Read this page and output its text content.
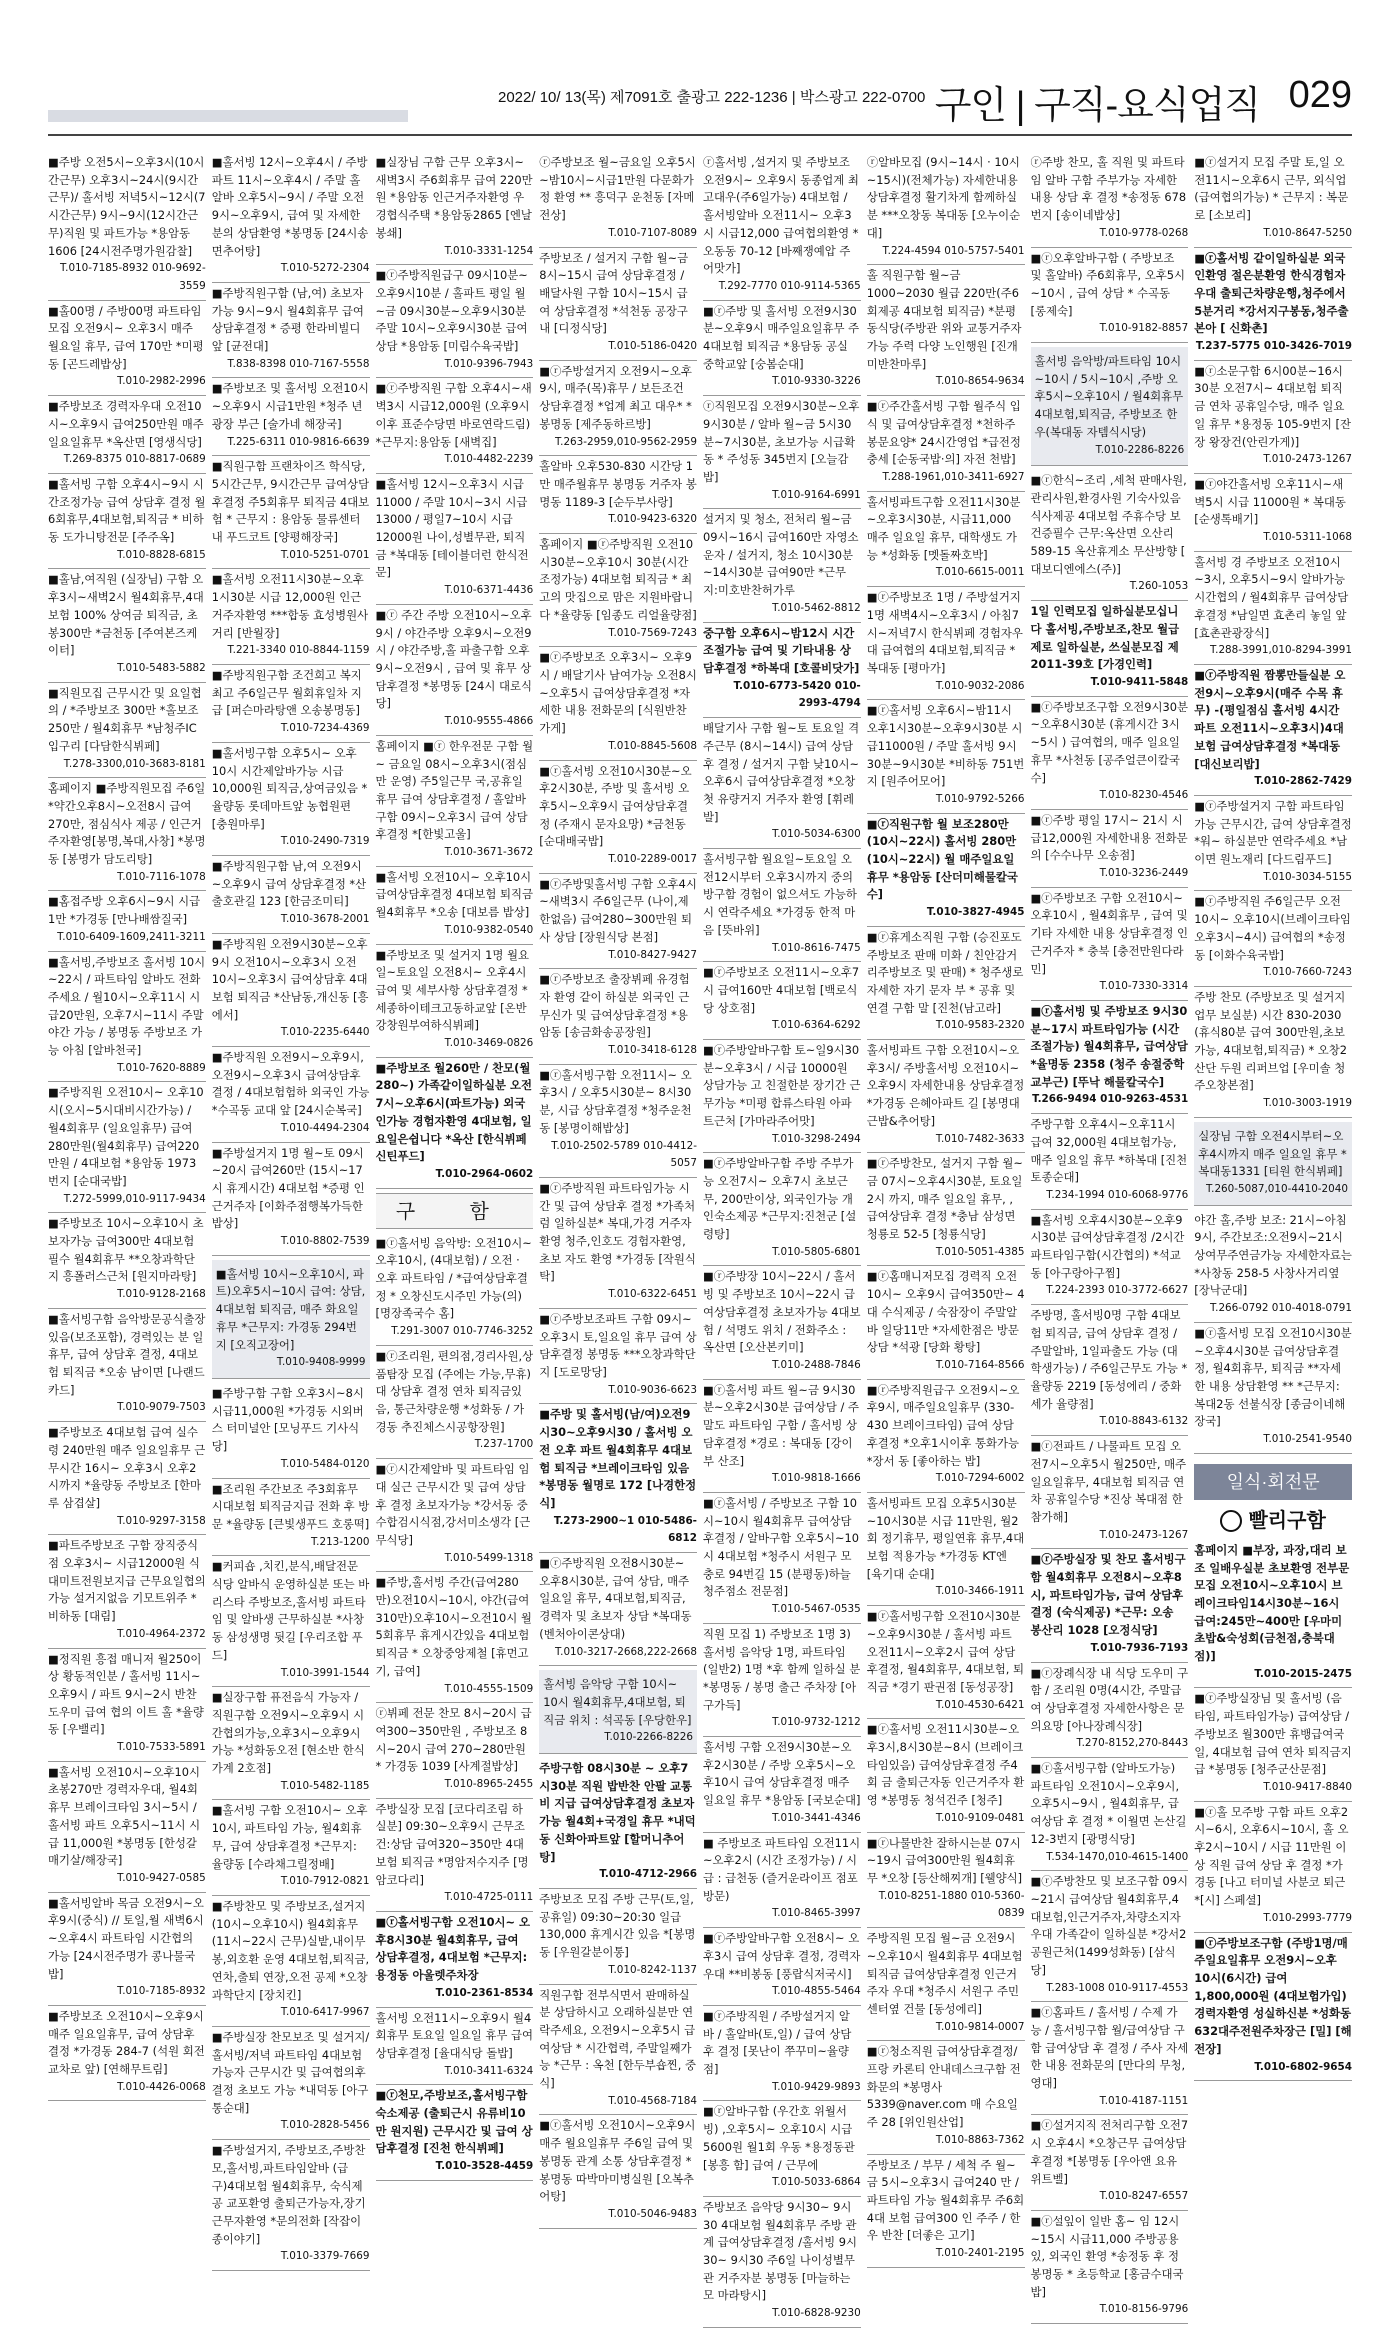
2022/ 10/ 13(목) 제7091호 출광고 222-1236 | 박스광고 222-0700 구인 | 구직-요식업직 029
■주방 오전5시~오후3시(10시간근무) 오후3시~24시(9시간근무)/ 홀서빙 저녁5시~12시(7시간근무) 9시~9시(12시간근무)직원 및 파트가능 *용암동1606 [24시전주명가원감찰]
T.010-7185-8932 010-9692-3559
■홀00명 / 주방00명 파트타임 모집 오전9시~ 오후3시 매주 월요일 휴무, 급여 170만 *미평동 [곤드레밥상]
T.010-2982-2996
■주방보조 경력자우대 오전10시~오후9시 급여250만원 매주일요일휴무 *옥산면 [영생식당]
T.269-8375 010-8817-0689
■홀서빙 구함 오후4시~9시 시간조정가능 급여 상담후 결정 월6회휴무,4대보험,퇴직금 * 비하동 도가니탕전문 [주주옥]
T.010-8828-6815
■홀남,여직원 (실장님) 구함 오후3시~새벽2시 월4회휴무,4대보험 100% 상여금 퇴직금, 초봉300만 *금천동 [주여본즈케이터]
T.010-5483-5882
■직원모집 근무시간 및 요일협의 / *주방보조 300만 *홀보조 250만 / 월4회휴무 *남청주IC입구리 [다담한식뷔페]
T.278-3300,010-3683-8181
홈페이지 ■주방직원모집 주6일 *약간오후8시~오전8시 급여270만, 점심식사 제공 / 인근거주자환영[봉명,복대,사창] *봉명동 [봉명가 담도리탕]
T.010-7116-1078
■홈접주방 오후6시~9시 시급1만 *가경동 [만나배쌈질국]
T.010-6409-1609,2411-3211
■홀서빙,주방보조 홀서빙 10시~22시 / 파트타임 알바도 전화주세요 / 월10시~오후11시 시급20만원, 오후7시~11시 주말야간 가능 / 봉명동 주방보조 가능 아침 [알바천국]
T.010-7620-8889
■주방직원 오전10시~ 오후10시(오시~5시대비시간가능) / 월4회휴무 (일요일휴무) 급여280만원(월4회휴무) 급여220만원 / 4대보험 *용암동 1973번지 [순대국밥]
T.272-5999,010-9117-9434
■주방보조 10시~오후10시 초보자가능 급여300만 4대보험 필수 월4회휴무 **오창과학단지 흥폴러스근처 [원지마라탕]
T.010-9128-2168
■홀서빙구함 음악방문공식출장있음(보조포함), 경력있는 분 일 휴무, 급여 상담후 결정, 4대보험 퇴직금 *오송 남이면 [나랜드 카드]
T.010-9079-7503
■주방보조 4대보험 급여 실수령 240만원 매주 일요일휴무 근무시간 16시~ 오후3시 오후2시까지 *율량동 주방보조 [한마루 삼겹살]
T.010-9297-3158
■파트주방보조 구함 장직중식점 오후3시~ 시급12000원 식대미트전원보지급 근무요일협의가능 설거지없음 기모트위주 *비하동 [대림]
T.010-4964-2372
■정직원 흥접 매니저 월250이상 황동적인분 / 홀서빙 11시~오후9시 / 파트 9시~2시 반찬 도우미 급여 협의 이트 홀 *율량동 [우밸리]
T.010-7533-5891
■홀서빙 오전10시~오후10시 초봉270만 경력자우대, 월4회휴무 브레이크타임 3시~5시 /홀서빙 파트 오후5시~11시 시급 11,000원 *봉명동 [한성갈매기살/해장국]
T.010-9427-0585
■홀서빙알바 목금 오전9시~오후9시(중식) // 토일,월 새벽6시~오후4시 파트타임 시간협의 가능 [24시전주명가 콩나물국밥]
T.010-7185-8932
■주방보조 오전10시~오후9시 매주 일요일휴무, 급여 상담후 결정 *가경동 284-7 (석원 회전 교차로 앞) [연해무트림]
T.010-4426-0068
■홀서빙 12시~오후4시 / 주방파트 11시~오후4시 / 주말 홀알바 오후5시~9시 / 주말 오전9시~오후9시, 급여 및 자세한분의 상담환영 *봉명동 [24시송면추어탕]
T.010-5272-2304
■주방직원구함 (남,여) 초보자가능 9시~9시 월4회휴무 급여 상담후결정 * 증평 한라비빌디앞 [균전대]
T.838-8398 010-7167-5558
■주방보조 및 홀서빙 오전10시~오후9시 시급1만원 *청주 년광장 부근 [술가네 해장국]
T.225-6311 010-9816-6639
■직원구함 프랜차이즈 학식당, 5시간근무, 9시간근무 급여상담후결정 주5회휴무 퇴직금 4대보험 * 근무지 : 용암동 물류센터 내 푸드코트 [양평해장국]
T.010-5251-0701
■홀서빙 오전11시30분~오후1시30분 시급 12,000원 인근거주자환영 ***합동 효성병원사거리 [반월장]
T.221-3340 010-8844-1159
■주방직원구함 조건희고 복지최고 주6일근무 월회휴일차 지급 [퍼슨마라탕앤 오송봉명동]
T.010-7234-4369
■홀서빙구함 오후5시~ 오후10시 시간제알바가능 시급10,000원 퇴직금,상여금있음 *율량동 롯데마트앞 농협원편 [충원마루]
T.010-2490-7319
■주방직원구함 남,여 오전9시~오후9시 급여 상담후결정 *산출호관길 123 [한금조미티]
T.010-3678-2001
■주방직원 오전9시30분~오후9시 오전10시~오후3시 오전10시~오후3시 급여상담후 4대보험 퇴직금 *산남동,개신동 [흥에서]
T.010-2235-6440
■주방직원 오전9시~오후9시, 오전9시~오후3시 급여상담후결정 / 4대보험험하 외국인 가능 *수곡동 교대 앞 [24시순복국]
T.010-4494-2304
■주방설거지 1명 월~토 09시~20시 급여260만 (15시~17시 휴게시간) 4대보험 *증평 인근거주자 [이화주점행복가득한 밥상]
T.010-8802-7539
■홀서빙 10시~오후10시, 파트)오후5시~10시 급여: 상담, 4대보험 퇴직금, 매주 화요일 휴무 *근무지: 가경동 294번지 [오직고장어]
T.010-9408-9999
■주방구함 구함 오후3시~8시 시급11,000원 *가경동 시외버스 터미널안 [모닝푸드 기사식당]
T.010-5484-0120
■조리원 주간보조 주3회휴무 시대보험 퇴직금지급 전화 후 방문 *율량동 [큰빛생푸드 호롱떡]
T.213-1200
■커피숍 ,치킨,분식,배달전문 식당 알바식 운영하실분 또는 바리스타 주방보조,홀서빙 파트타임 및 알바생 근무하실분 *사창동 삼성생명 뒷길 [우리조합 푸드]
T.010-3991-1544
■실장구함 퓨전음식 가능자 / 직원구함 오전9시~오후9시 시간협의가능,오후3시~오후9시 가능 *성화동오전 [현소반 한식가계 2호점]
T.010-5482-1185
■홀서빙 구함 오전10시~ 오후10시, 파트타임 가능, 월4회휴무, 급여 상담후결정 *근무지: 율량동 [수라채그릴정배]
T.010-7912-0821
■주방찬모 및 주방보조,설거지 (10시~오후10시) 월4회휴무 (11시~22시 근무)실밭,내이무봉,외호환 운영 4대보험,퇴직금,연차,출퇴 연장,오전 공제 *오창 과학단지 [장치킨]
T.010-6417-9967
■주방실장 찬모보조 및 설거지/홀서빙/저녁 파트타임 4대보험가능자 근무시간 및 급여협의후결정 초보도 가능 *내덕동 [아구통순대]
T.010-2828-5456
■주방설거지, 주방보조,주방찬모,홀서빙,파트타임알바 (급구)4대보험 월4회휴무, 숙식제공 교포환영 출퇴근가능자,장기근무자환영 *문의전화 [작잡이 종이야기]
T.010-3379-7669
■실장님 구함 근무 오후3시~새벽3시 주6회휴무 급여 220만원 *용암동 인근거주자환영 우경협식주택 *용암동2865 [엔날봉쇄]
T.010-3331-1254
■ⓡ주방직원급구 09시10분~오후9시10분 / 홀파트 평일 월~금 09시30분~오후9시30분 주말 10시~오후9시30분 급여상담 *용암동 [미림수육국밥]
T.010-9396-7943
■ⓡ주방직원 구함 오후4시~새벽3시 시급12,000원 (오후9시 이후 표준수당면 바로연락드림) *근무지:용암동 [새벽집]
T.010-4482-2239
■홀서빙 12시~오후3시 시급 11000 / 주말 10시~3시 시급 13000 / 평일7~10시 시급 12000원 나이,성별무관, 퇴직금 *복대동 [테이블더런 한식전문]
T.010-6371-4436
■ⓡ 주간 주방 오전10시~오후9시 / 야간주방 오후9시~오전9시 / 야간주방,홀 파출구함 오후9시~오전9시 , 급여 및 휴무 상담후결정 *봉명동 [24시 대로식당]
T.010-9555-4866
홈페이지 ■ⓡ 한우전문 구함 월~ 금요일 08시~오후3시(점심만 운영) 주5일근무 국,공휴일휴무 급여 상담후결정 / 홀알바 구함 09시~오후3시 급여 상담후결정 *[한빛고울]
T.010-3671-3672
■홀서빙 오전10시~ 오후10시 급여상담후결정 4대보험 퇴직금 월4회휴무 *오송 [대보름 밥상]
T.010-9382-0540
■주방보조 및 설거지 1명 월요일~토요일 오전8시~ 오후4시 급여 및 세부사항 상담후결정 * 세종하이테크고동하교앞 [온반 강창원부여하식뷔페]
T.010-3469-0826
■주방보조 월260만 / 찬모(월280~) 가족같이일하실분 오전7시~오후6시(파트가능) 외국인가능 경험자환영 4대보험, 일요일은쉽니다 *옥산 [한식뷔페신틴푸드]
T.010-2964-0602
구 함
■ⓡ홀서빙 음악방: 오전10시~오후10시, (4대보험) / 오전 · 오후 파트타임 / *급여상담후결정 * 오창신도시주민 가능(의) [명장족국수 홈]
T.291-3007 010-7746-3252
■ⓡ조리원, 편의점,경리사원,상품탐장 모집 (주에는 가능,무휴) 대 상담후 결정 연차 퇴직금있음, 통근차량운행 *성화동 / 가경동 추진체스시공항장원]
T.237-1700
■ⓡ시간제알바 및 파트타임 임대 실근 근무시간 및 급여 상담후 결정 초보자가능 *강서동 중수합검시식점,강서미소생각 [근무식당]
T.010-5499-1318
■주방,홀서빙 주간(급여280만)오전10시~10시, 야간(급여310만)오후10시~오전10시 월5회휴무 휴게시간있음 4대보험 퇴직금 * 오창중앙제철 [휴먼고기, 급여]
T.010-4555-1509
ⓡ뷔페 전문 찬모 8시~20시 급여300~350만원 , 주방보조 8시~20시 급여 270~280만원 * 가경동 1039 [사계절밥상]
T.010-8965-2455
주방실장 모집 [코다리조림 하실분] 09:30~오후9시 근무조건:상담 급여320~350만 4대보험 퇴직금 *명암저수지주 [명암코다리]
T.010-4725-0111
■ⓡ홀서빙구함 오전10시~ 오후8시30분 월4회휴무, 급여 상담후결정, 4대보험 *근무지:용정동 아울렛주차장
T.010-2361-8534
홀서빙 오전11시~오후9시 월4회휴무 토요일 일요일 휴무 급여 상담후결정 [율대식당 돌밥]
T.010-3411-6324
■ⓡ천모,주방보조,홀서빙구함 숙소제공 (출퇴근시 유류비10만 원지원) 근무시간 및 급여 상담후결정 [진천 한식뷔페]
T.010-3528-4459
ⓡ주방보조 월~금요일 오후5시~밤10시~시급1만원 다문화가정 환영 ** 흥덕구 운천동 [자메전상]
T.010-7107-8089
주방보조 / 설거지 구함 월~금 8시~15시 급여 상담후결정 / 배달사원 구함 10시~15시 급여 상담후결정 *석천동 공장구내 [디정식당]
T.010-5186-0420
■ⓡ주방설거지 오전9시~오후9시, 매주(목)휴무 / 보든조건 상담후결정 *업계 최고 대우* *봉명동 [제주동하르방]
T.263-2959,010-9562-2959
홀알바 오후530-830 시간당 1만 매주월휴무 봉명동 거주자 봉명동 1189-3 [순두부사랑]
T.010-9423-6320
홈페이지 ■ⓡ주방직원 오전10시30분~오후10시 30분(시간조정가능) 4대보험 퇴직금 * 최고의 맛집으로 맘은 지원바랍니다 *율량동 [임종도 리얼율량점]
T.010-7569-7243
■ⓡ주방보조 오후3시~ 오후9시 / 배달기사 남여가능 오전8시~오후5시 급여상담후결정 *자세한 내용 전화문의 [식원반찬가게]
T.010-8845-5608
■ⓡ홀서빙 오전10시30분~오후2시30분, 주방 및 홀서빙 오후5시~오후9시 급여상담후결정 (주재시 문자요망) *금천동 [순대배국밥]
T.010-2289-0017
■ⓡ주방및홀서빙 구함 오후4시~새벽3시 주6일근무 (나이,제한없음) 급여280~300만원 퇴사 상담 [장원식당 본점]
T.010-8427-9427
■ⓡ주방보조 출장뷔페 유경험자 환영 같이 하실분 외국인 근무신가 및 급여상담후결정 *용암동 [송금화송공장원]
T.010-3418-6128
■ⓡ홀서빙구함 오전11시~ 오후3시 / 오후5시30분~ 8시30분, 시급 상담후결정 *청주운천동 [봉명이해밥상]
T.010-2502-5789 010-4412-5057
■ⓡ주방직원 파트타임가능 시간 및 급여 상담후 결정 *가족처럼 일하실분* 복대,가경 거주자환영 청주,인호도 경험자환영, 초보 자도 환영 *가경동 [작원식탁]
T.010-6322-6451
■ⓡ주방보조파트 구함 09시~ 오후3시 토,일요일 휴무 급여 상담후결정 봉명동 ***오창과학단지 [도로망당]
T.010-9036-6623
■주방 및 홀서빙(남/여)오전9시30~오후9시30 / 홀서빙 오전 오후 파트 월4회휴무 4대보험 퇴직금 *브레이크타임 있음 *봉명동 월명로 172 [나경한정식]
T.273-2900~1 010-5486-6812
■ⓡ주방직원 오전8시30분~ 오후8시30분, 급여 상담, 매주 일요일 휴무, 4대보험,퇴직금, 경력자 및 초보자 상담 *복대동 (벤처아이콘상대)
T.010-3217-2668,222-2668
홀서빙 음악당 구함 10시~ 10시 월4회휴무,4대보험, 퇴직금 위치 : 석곡동 [우당한우]
T.010-2266-8226
주방구함 08시30분 ~ 오후7시30분 직원 밥반찬 안팔 교통비 지급 급여상담후결정 초보자가능 월4회+국경일 휴무 *내덕동 신화아파트앞 [할머니추어탕]
T.010-4712-2966
주방보조 모집 주방 근무(토,일,공휴일) 09:30~20:30 일급130,000 휴게시간 있음 *[봉명동 [우원갈분이통]
T.010-8242-1137
직원구함 전부식면서 판매하실 분 상담하시고 오래하실분만 연락주세요, 오전9시~오후5시 급여상담 * 시간협력, 주말일째가능 *근무 : 옥천 [한두부숍찐, 중식]
T.010-4568-7184
■ⓡ홀서빙 오전10시~오후9시 매주 월요일휴무 주6일 급여 및 봉명동 관계 소통 상담후결정 *봉명동 따박마미병실원 [오복추어탕]
T.010-5046-9483
ⓡ홀서빙 ,설거지 및 주방보조 오전9시~ 오후9시 동종업계 최고대우(주6일가능) 4대보험 / 홀서빙알바 오전11시~ 오후3시 시급12,000 급여협의환영 *오동동 70-12 [바째쟁예압 주어맛가]
T.292-7770 010-9114-5365
■ⓡ주방 및 홀서빙 오전9시30분~오후9시 매주일요일휴무 주4대보험 퇴직금 *용담동 공실 중학교앞 [숭봄순대]
T.010-9330-3226
ⓡ직원모집 오전9시30분~오후9시30분 / 알바 월~금 5시30분~7시30분, 초보가능 시급확동 * 주성동 345번지 [오늘감밥]
T.010-9164-6991
설거지 및 청소, 전처리 월~금 09시~16시 급여160만 자영소운자 / 설거지, 청소 10시30분~14시30분 급여90만 *근무지:미호반찬허가루
T.010-5462-8812
중구함 오후6시~밤12시 시간조절가능 급여 및 기타내용 상담후결정 *하복대 [호콜비닷가]
T.010-6773-5420 010-2993-4794
배달기사 구함 월~토 토요일 격주근무 (8시~14시) 급여 상담후 결정 / 설거지 구함 낮10시~오후6시 급여상담후결정 *오창 첫 유량거지 거주자 환영 [휘레발]
T.010-5034-6300
홀서빙구함 월요일~토요일 오전12시부터 오후3시까지 중의 방구함 경험이 없으셔도 가능하시 연락주세요 *가경동 한적 마음 [뜻바위]
T.010-8616-7475
■ⓡ주방보조 오전11시~오후7시 급여160만 4대보험 [백로식당 상호점]
T.010-6364-6292
■ⓡ주방알바구함 토~일9시30분~오후3시 / 시급 10000원 상담가능 고 친절한분 장기간 근무가능 *미평 합류스타원 아파트근처 [가마라주어맛]
T.010-3298-2494
■ⓡ주방알바구함 주방 주부가능 오전7시~ 오후7시 초보근무, 200만이상, 외국인가능 개인숙소제공 *근무지:진천군 [설령탕]
T.010-5805-6801
■ⓡ주방장 10시~22시 / 홀서빙 및 주방보조 10시~22시 급여상담후결정 초보자가능 4대보험 / 석명도 위치 / 전화주소 : 옥산면 [오산본키미]
T.010-2488-7846
■ⓡ홀서빙 파트 월~금 9시30분~오후2시30분 급여상담 / 주말도 파트타임 구함 / 홀서빙 상담후결정 *경로 : 복대동 [강이부 산조]
T.010-9818-1666
■ⓡ홀서빙 / 주방보조 구함 10시~10시 월4회휴무 급여상담후결정 / 알바구함 오후5시~10시 4대보험 *청주시 서원구 모충로 94번길 15 (분평동)하늘청주점소 전문점]
T.010-5467-0535
직원 모집 1) 주방보조 1명 3) 홀서빙 음악당 1명, 파트타임(일반2) 1명 *후 함께 일하실 분 *봉명동 / 봉명 출근 주차장 [아구가득]
T.010-9732-1212
홀서빙 구함 오전9시30분~오후2시30분 / 주방 오후5시~오후10시 급여 상담후결정 매주 일요일 휴무 *용암동 [국보순대]
T.010-3441-4346
■ 주방보조 파트타임 오전11시~오후2시 (시간 조정가능) / 시급 : 급천동 (즐거운라이프 점포 방문)
T.010-8465-3997
■ⓡ주방알바구함 오전8시~ 오후3시 급여 상담후 결정, 경력자우대 **비봉동 [풍랍식저국시]
T.010-4855-5464
■ⓡ주방직원 / 주방설거지 알바 / 홀알바(토,일) / 급여 상담 후 결정 [못난이 쭈꾸미~율량점]
T.010-9429-9893
■ⓡ알바구함 (우간호 위월서빙) ,오후5시~ 오후10시 시급5600원 월1회 우동 *용정동관 [봉흥 함] 급여 / 근무에
T.010-5033-6864
주방보조 음악당 9시30~ 9시30 4대보험 월4회휴무 주방 관계 급여상담후결정 /홀서빙 9시30~ 9시30 주6일 나이성별무관 거주자분 봉명동 [마늘하는모 마라탕시]
T.010-6828-9230
ⓡ알바모집 (9시~14시 · 10시~15시)(전체가능) 자세한내용 상담후결정 활기차게 함께하실분 ***오창동 복대동 [오누이순대]
T.224-4594 010-5757-5401
홀 직원구함 월~금 1000~2030 월급 220만(주6회제공 4대보험 퇴직금) *분평동식당(주방관 위와 교통거주자 가능 주력 다양 노인행원 [진개미반찬마루]
T.010-8654-9634
■ⓡ주간홀서빙 구함 월주식 입식 및 급여상담후결정 *천하주 봉문요양* 24시간영업 *급전정충세 [순동국밥·의] 자전 천밥]
T.288-1961,010-3411-6927
홀서빙파트구함 오전11시30분~오후3시30분, 시급11,000 매주 일요일 휴무, 대학생도 가능 *성화동 [멧돌짜호박]
T.010-6615-0011
■ⓡ주방보조 1명 / 주방설거지 1명 새벽4시~오후3시 / 아침7시~저녁7시 한식뷔페 경험자우대 급여협의 4대보험,퇴직금 *복대동 [평마가]
T.010-9032-2086
■ⓡ홀서빙 오후6시~밤11시 오후1시30분~오후9시30분 시급11000원 / 주말 홀서빙 9시30분~9시30분 *비하동 751번지 [원주어모어]
T.010-9792-5266
■ⓡ직원구함 월 보조280만(10시~22시) 홀서빙 280만 (10시~22시) 월 매주일요일 휴무 *용암동 [산더미해물칼국수]
T.010-3827-4945
■ⓡ휴게소직원 구함 (승진포도주방보조 판매 미화 / 친안감거리주방보조 및 판매) * 청주생로 자세한 자기 문자 부 * 공휴 및 연결 구함 말 [진천(남고라]
T.010-9583-2320
홀서빙파트 구함 오전10시~오후3시/ 주방홀서빙 오전10시~오후9시 자세한내용 상담후결정 *가경동 은혜아파트 길 [봉명대근밥&추어탕]
T.010-7482-3633
■ⓡ주방찬모, 설거지 구함 월~금 07시~오후4시30분, 토요일 2시 까지, 매주 일요일 휴무, , 급여상담후 결정 *충남 삼성면 청룡로 52-5 [청룡식당]
T.010-5051-4385
■ⓡ홈매니저모집 경력직 오전10시~ 오후9시 급여350만~ 4대 수식제공 / 숙잠장이 주말알바 일당11만 *자세한점은 방문상담 *석광 [당화 황탕]
T.010-7164-8566
■ⓡ주방직원급구 오전9시~오후9시, 매주일요일휴무 (330-430 브레이크타임) 급여 상담후결정 *오후1시이후 통화가능 *장서 동 [좋아하는 밥]
T.010-7294-6002
홀서빙파트 모집 오후5시30분~10시30분 시급 11만원, 월2회 정기휴무, 평일연휴 휴무,4대보험 적용가능 *가경동 KT엔 [육기대 순대]
T.010-3466-1911
■ⓡ홀서빙구함 오전10시30분~오후9시30분 / 홀서빙 파트 오전11시~오후2시 급여 상담후결정, 월4회휴무, 4대보험, 퇴직금 *경기 판권점 [동성공장]
T.010-4530-6421
■ⓡ홀서빙 오전11시30분~오후3시,8시30분~8시 (브레이크타임있음) 급여상담후결정 주4회 금 출퇴근자동 인근거주자 환영 *봉명동 청석건주 [청주]
T.010-9109-0481
■ⓡ나물반찬 잘하시는분 07시~19시 급여300만원 월4회휴무 *오창 [등산해찌개] [웰양식]
T.010-8251-1880 010-5360-0839
주방직원 모집 월~금 오전9시~오후10시 월4회휴무 4대보험 퇴직금 급여상담후결정 인근거주자 우대 *청주시 서원구 주민센터옆 건물 [동성에리]
T.010-9814-0007
■ⓡ청소직원 급여상담후결정/프랑 카론티 안내데스크구함 전화문의 *봉명사5339@naver.com 매 수요일주 28 [위인원산업]
T.010-8863-7362
주방보조 / 부무 / 세척 주 월~금 5시~오후3시 급여240 만 / 파트타임 가능 월4회휴무 주6회 4대 보험 급여300 인 주주 / 한우 반찬 [더좋은 고기]
T.010-2401-2195
ⓡ주방 찬모, 홀 직원 및 파트타임 알바 구함 주부가능 자세한 내용 상담 후 결정 *송정동 678번지 [송이네밥상]
T.010-9778-0268
■ⓡ오후알바구함 ( 주방보조 및 홀알바) 주6회휴무, 오후5시~10시 , 급여 상담 * 수곡동 [롱제숙]
T.010-9182-8857
홀서빙 음악방/파트타임 10시~10시 / 5시~10시 ,주방 오후5시~오후10시 / 월4회휴무 4대보험,퇴직금, 주방보조 한우(복대동 자템식시당)
T.010-2286-8226
■ⓡ한식~조리 ,세척 판매사원,관리사원,환경사원 기숙사있음 식사제공 4대보험 주휴수당 보건증필수 근무:옥산면 오산리 589-15 옥산휴게소 무산방향 [ 대보디엔에스(주)]
T.260-1053
1일 인력모집 일하실분모십니다 홀서빙,주방보조,찬모 월급제로 일하실분, 쓰실분모집 제2011-39호 [가경인력]
T.010-9411-5848
■ⓡ주방보조구함 오전9시30분~오후8시30분 (휴게시간 3시~5시 ) 급여협의, 매주 일요일 휴무 *사천동 [공주얼큰이칼국수]
T.010-8230-4546
■ⓡ주방 평일 17시~ 21시 시급12,000원 자세한내용 전화문의 [수수나무 오송점]
T.010-3236-2449
■ⓡ주방보조 구함 오전10시~오후10시 , 월4회휴무 , 급여 및 기타 자세한 내용 상담후결정 인근거주자 * 충북 [충전만원다라민]
T.010-7330-3314
■ⓡ홀서빙 및 주방보조 9시30분~17시 파트타임가능 (시간조절가능) 월4회휴무, 급여상담 *율명동 2358 (청주 송절중학교부근) [뚜낙 해물칼국수]
T.266-9494 010-9263-4531
주방구함 오후4시~오후11시 급여 32,000원 4대보험가능, 매주 일요일 휴무 *하복대 [진천토종순대]
T.234-1994 010-6068-9776
■홀서빙 오후4시30분~오후9시30분 급여상담후결정 /2시간 파트타임구함(시간협의) *석교동 [아구랑아구찜]
T.224-2393 010-3772-6627
주방명, 홀서빙0명 구함 4대보험 퇴직금, 급여 상담후 결정 / 주말알바, 1일파출도 가능 (대학생가능) / 주6일근무도 가능 *율량동 2219 [동성에리 / 중화세가 율량점]
T.010-8843-6132
■ⓡ전파트 / 나물파트 모집 오전7시~오후5시 월250만, 매주 일요일휴무, 4대보험 퇴직금 연차 공휴일수당 *진상 복대점 한참가해]
T.010-2473-1267
■ⓡ주방실장 및 찬모 홀서빙구함 월4회휴무 오전8시~오후8시, 파트타임가능, 급여 상담후결정 (숙식제공) *근무: 오송 봉산리 1028 [오정식당]
T.010-7936-7193
■ⓡ장례식장 내 식당 도우미 구함 / 조리원 0명(4시간, 주말급여 상담후결정 자세한사항은 문의요망 [아나장례식장]
T.270-8152,270-8443
■ⓡ홀서빙구함 (알바도가능) 파트타임 오전10시~오후9시, 오후5시~9시 , 월4회휴무, 급여상담 후 결정 * 이월면 논산길 12-3번지 [광명식당]
T.534-1470,010-4615-1400
■ⓡ주방찬모 및 보조구함 09시~21시 급여상담 월4회휴무,4대보험,인근거주자,차량소지자 우대 가족같이 일하실분 *강서2 공원근처(1499성화동) [삼식당]
T.283-1008 010-9117-4553
■ⓡ홈파트 / 홀서빙 / 수제 가능 / 홀서빙구함 월/급여상담 구함 급여상담 후 결정 / 주사 자세한 내용 전화문의 [만다의 무청, 영대]
T.010-4187-1151
■ⓡ설거지직 전처리구함 오전7시 오후4시 *오창근무 급여상담 후결정 *[봉명동 [우아앤 요유 위트벨]
T.010-8247-6557
■ⓡ설잎이 일반 홈~ 임 12시~15시 시급11,000 주방공용있, 외국인 환영 *송정동 후 정 봉명동 * 초등학교 [홍금수대국밥]
T.010-8156-9796
■ⓡ설거지 모집 주말 토,일 오전11시~오후6시 근무, 외식업(급여협의가능) * 근무지 : 복문로 [소보리]
T.010-8647-5250
■ⓡ홀서빙 같이일하실분 외국인환영 절은분환영 한식경험자우대 출퇴근차량운행,청주에서5분거리 *강서지구봉동,청주출본아 [ 신화촌]
T.237-5775 010-3426-7019
■ⓡ소문구함 6시00분~16시30분 오전7시~ 4대보험 퇴직금 연차 공휴일수당, 매주 일요일 휴무 *용정동 105-9번지 [잔장 왕장건(안린가게)]
T.010-2473-1267
■ⓡ야간홀서빙 오후11시~새벽5시 시급 11000원 * 복대동 [순생톡배기]
T.010-5311-1068
홀서빙 경 주방보조 오전10시~3시, 오후5시~9시 알바가능시간협의 / 월4회휴무 급여상담후결정 *남일면 효촌리 놓일 앞 [효촌관광장식]
T.288-3991,010-8294-3991
■ⓡ주방직원 짬뽕만들실분 오전9시~오후9시(매주 수목 휴무) -(평일점심 홀서빙 4시간 파트 오전11시~오후3시)4대보험 급여상담후결정 *복대동 [대신보리밥]
T.010-2862-7429
■ⓡ주방설거지 구함 파트타임 가능 근무시간, 급여 상담후결정 *워~ 하실분만 연락주세요 *남이면 원노재리 [다드림푸드]
T.010-3034-5155
■ⓡ주방직원 주6일근무 오전10시~ 오후10시(브레이크타임오후3시~4시) 급여협의 *송정동 [이화수육국밥]
T.010-7660-7243
주방 찬모 (주방보조 및 설거지업무 보실분) 시간 830-2030 (휴식80분 급여 300만원,초보가능, 4대보험,퇴직금) * 오창2산단 두원 리퍼브업 [우미솔 청주오창본점]
T.010-3003-1919
실장님 구함 오전4시부터~오후4시까지 매주 일요일 휴무 *복대동1331 [티원 한식뷔페]
T.260-5087,010-4410-2040
야간 홀,주방 보조: 21시~아침9시, 주간보조:오전9시~21시 상여무주연금가능 자세한자료는 *사창동 258-5 사창사거리옆 [장낙군대]
T.266-0792 010-4018-0791
■ⓡ홀서빙 모집 오전10시30분~오후4시30분 급여상담후결정, 월4회휴무, 퇴직금 **자세한 내용 상담환영 ** *근무지: 복대2동 선불식장 [종금이네해장국]
T.010-2541-9540
일식·회전문
빨리구함
홈페이지 ■부장, 과장,대리 보조 일배우실분 초보환영 전부문 모집 오전10시~오후10시 브레이크타임14시30분~16시 급여:245만~400만 [우마미 초밥&숙성회(금천점,충북대점)]
T.010-2015-2475
■ⓡ주방실장님 및 홀서빙 (음타임, 파트타임가능) 급여상담 / 주방보조 월300만 휴뱅급여국 일, 4대보험 급여 연차 퇴직금지급 *봉명동 [청주군산문점]
T.010-9417-8840
■ⓡ홀 모주방 구함 파트 오후2시~6시, 오후6시~10시, 홀 오후2시~10시 / 시급 11만원 이상 직원 급여 상담 후 결정 *가경동 [나고 터미널 사분코 퇴근 *[시] 스페셜]
T.010-2993-7779
■ⓡ주방보조구함 (주방1명/매주일요일휴무 오전9시~오후10시(6시간) 급여 1,800,000원 (4대보험가입) 경력자환영 성실하신분 *성화동632대주전원주차장근 [밀] [해전장]
T.010-6802-9654
